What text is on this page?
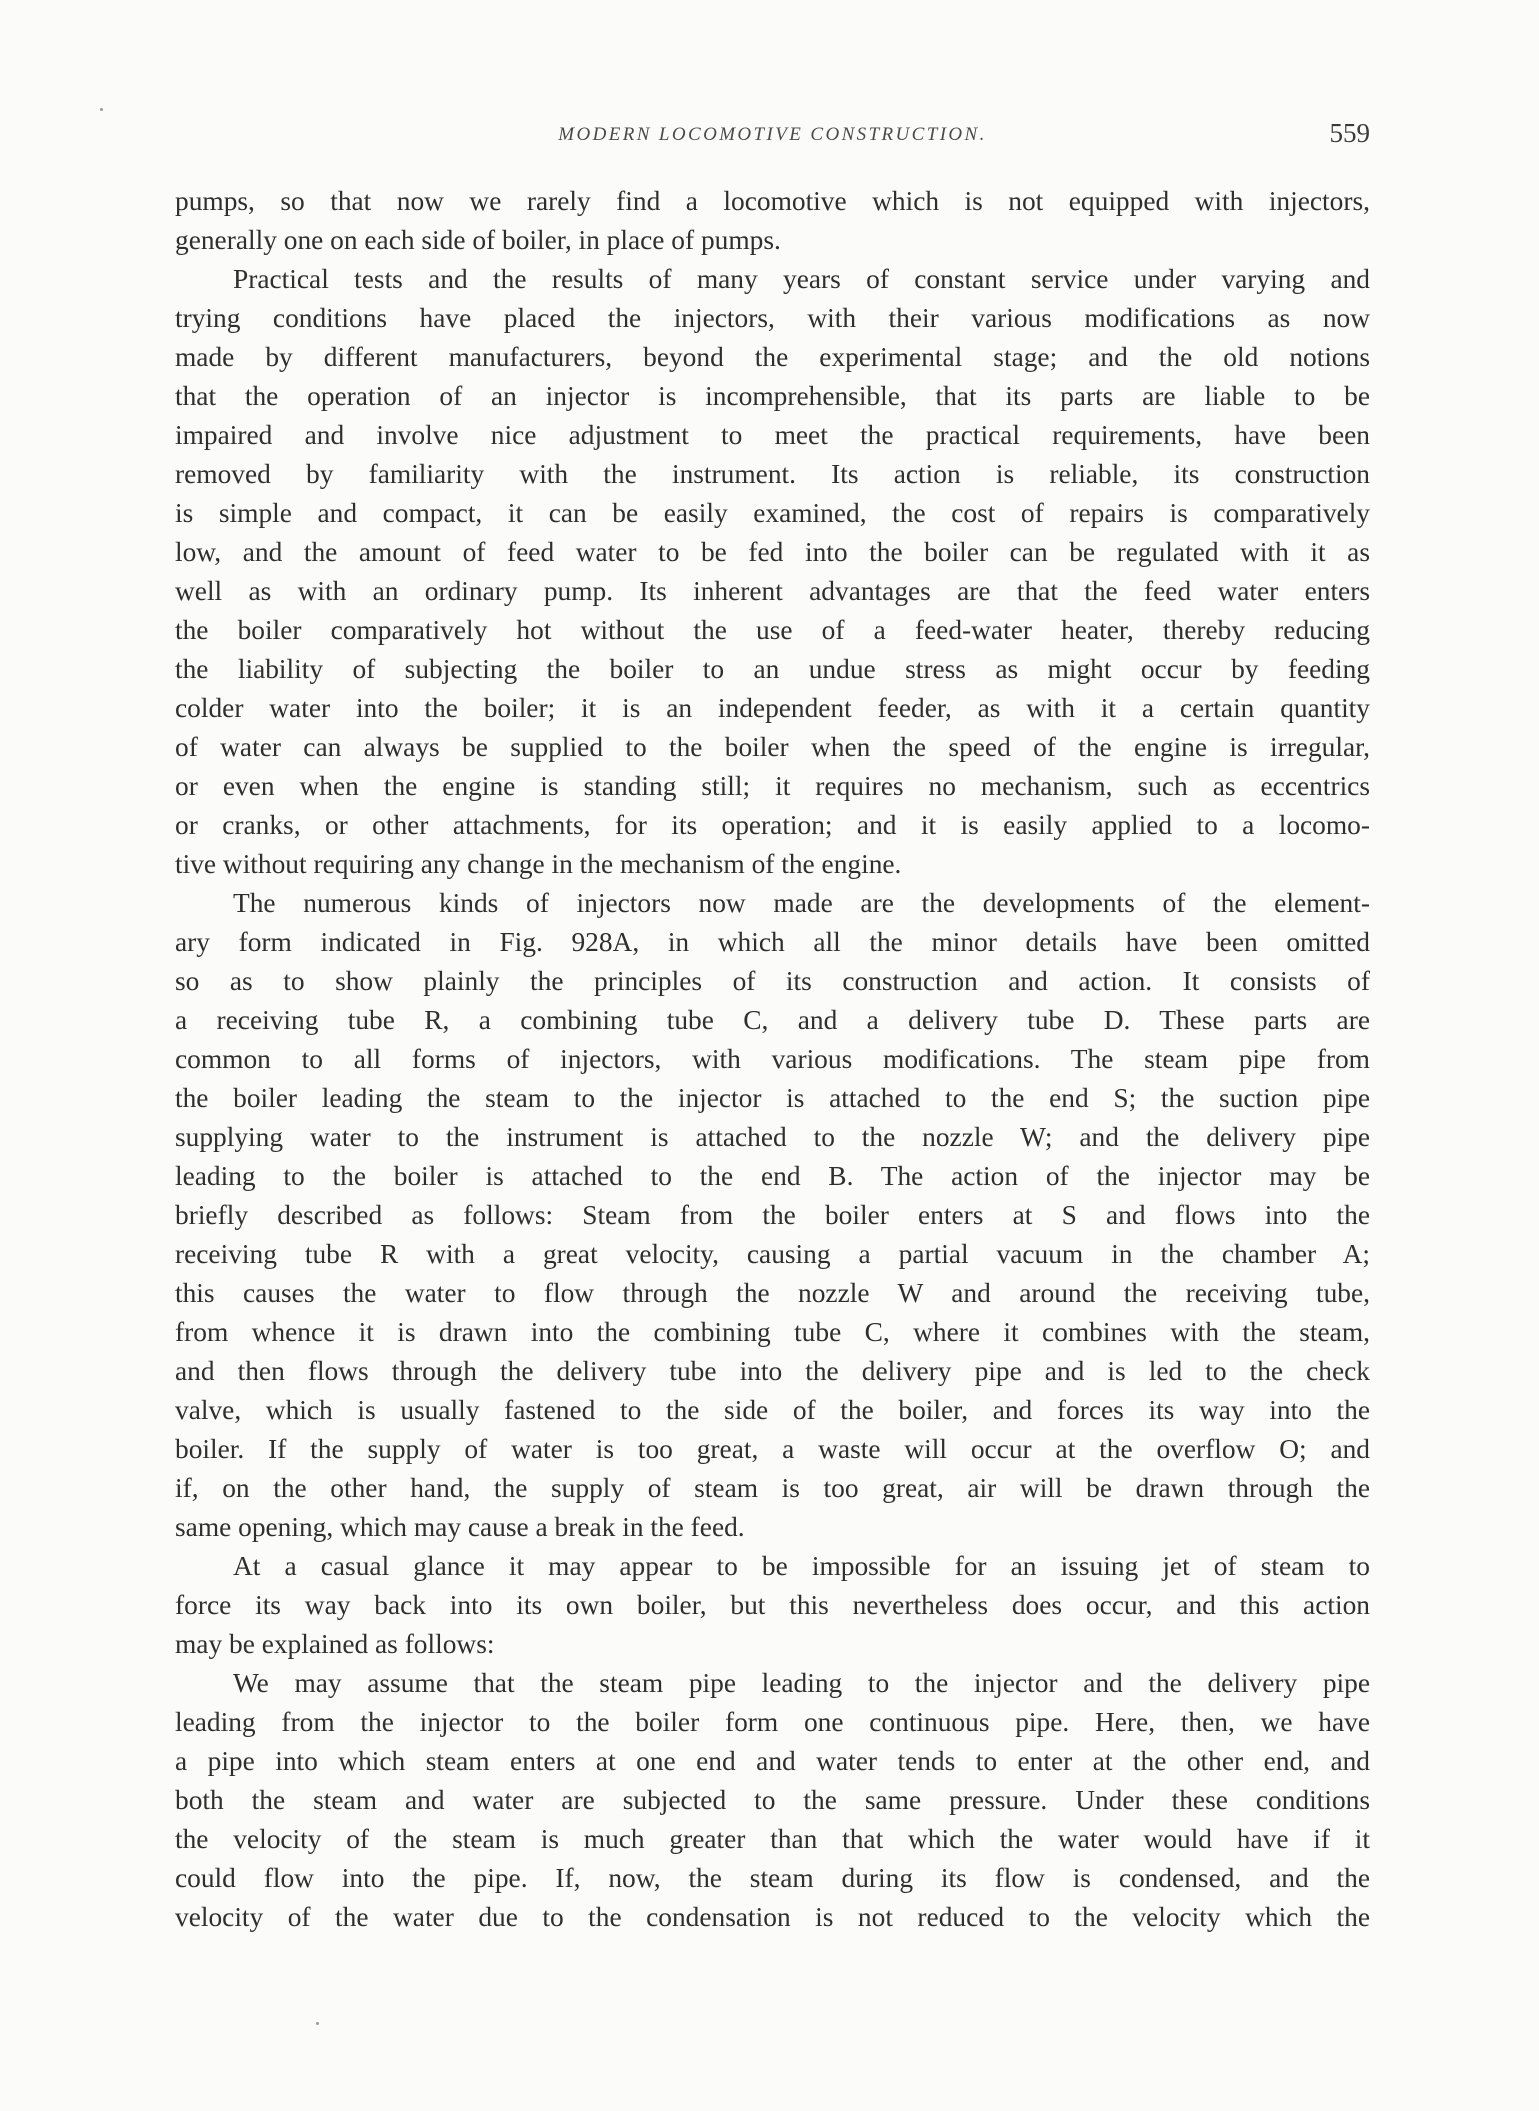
MODERN LOCOMOTIVE CONSTRUCTION.	559
pumps, so that now we rarely find a locomotive which is not equipped with injectors,
generally one on each side of boiler, in place of pumps.
Practical tests and the results of many years of constant service under varying and
trying conditions have placed the injectors, with their various modifications as now
made by different manufacturers, beyond the experimental stage; and the old notions
that the operation of an injector is incomprehensible, that its parts are liable to be
impaired and involve nice adjustment to meet the practical requirements, have been
removed by familiarity with the instrument. Its action is reliable, its construction
is simple and compact, it can be easily examined, the cost of repairs is comparatively
low, and the amount of feed water to be fed into the boiler can be regulated with it as
well as with an ordinary pump. Its inherent advantages are that the feed water enters
the boiler comparatively hot without the use of a feed-water heater, thereby reducing
the liability of subjecting the boiler to an undue stress as might occur by feeding
colder water into the boiler; it is an independent feeder, as with it a certain quantity
of water can always be supplied to the boiler when the speed of the engine is irregular,
or even when the engine is standing still; it requires no mechanism, such as eccentrics
or cranks, or other attachments, for its operation; and it is easily applied to a locomo-
tive without requiring any change in the mechanism of the engine.
The numerous kinds of injectors now made are the developments of the element-
ary form indicated in Fig. 928A, in which all the minor details have been omitted
so as to show plainly the principles of its construction and action. It consists of
a receiving tube R, a combining tube C, and a delivery tube D. These parts are
common to all forms of injectors, with various modifications. The steam pipe from
the boiler leading the steam to the injector is attached to the end S; the suction pipe
supplying water to the instrument is attached to the nozzle W; and the delivery pipe
leading to the boiler is attached to the end B. The action of the injector may be
briefly described as follows: Steam from the boiler enters at S and flows into the
receiving tube R with a great velocity, causing a partial vacuum in the chamber A;
this causes the water to flow through the nozzle W and around the receiving tube,
from whence it is drawn into the combining tube C, where it combines with the steam,
and then flows through the delivery tube into the delivery pipe and is led to the check
valve, which is usually fastened to the side of the boiler, and forces its way into the
boiler. If the supply of water is too great, a waste will occur at the overflow O; and
if, on the other hand, the supply of steam is too great, air will be drawn through the
same opening, which may cause a break in the feed.
At a casual glance it may appear to be impossible for an issuing jet of steam to
force its way back into its own boiler, but this nevertheless does occur, and this action
may be explained as follows:
We may assume that the steam pipe leading to the injector and the delivery pipe
leading from the injector to the boiler form one continuous pipe. Here, then, we have
a pipe into which steam enters at one end and water tends to enter at the other end, and
both the steam and water are subjected to the same pressure. Under these conditions
the velocity of the steam is much greater than that which the water would have if it
could flow into the pipe. If, now, the steam during its flow is condensed, and the
velocity of the water due to the condensation is not reduced to the velocity which the
